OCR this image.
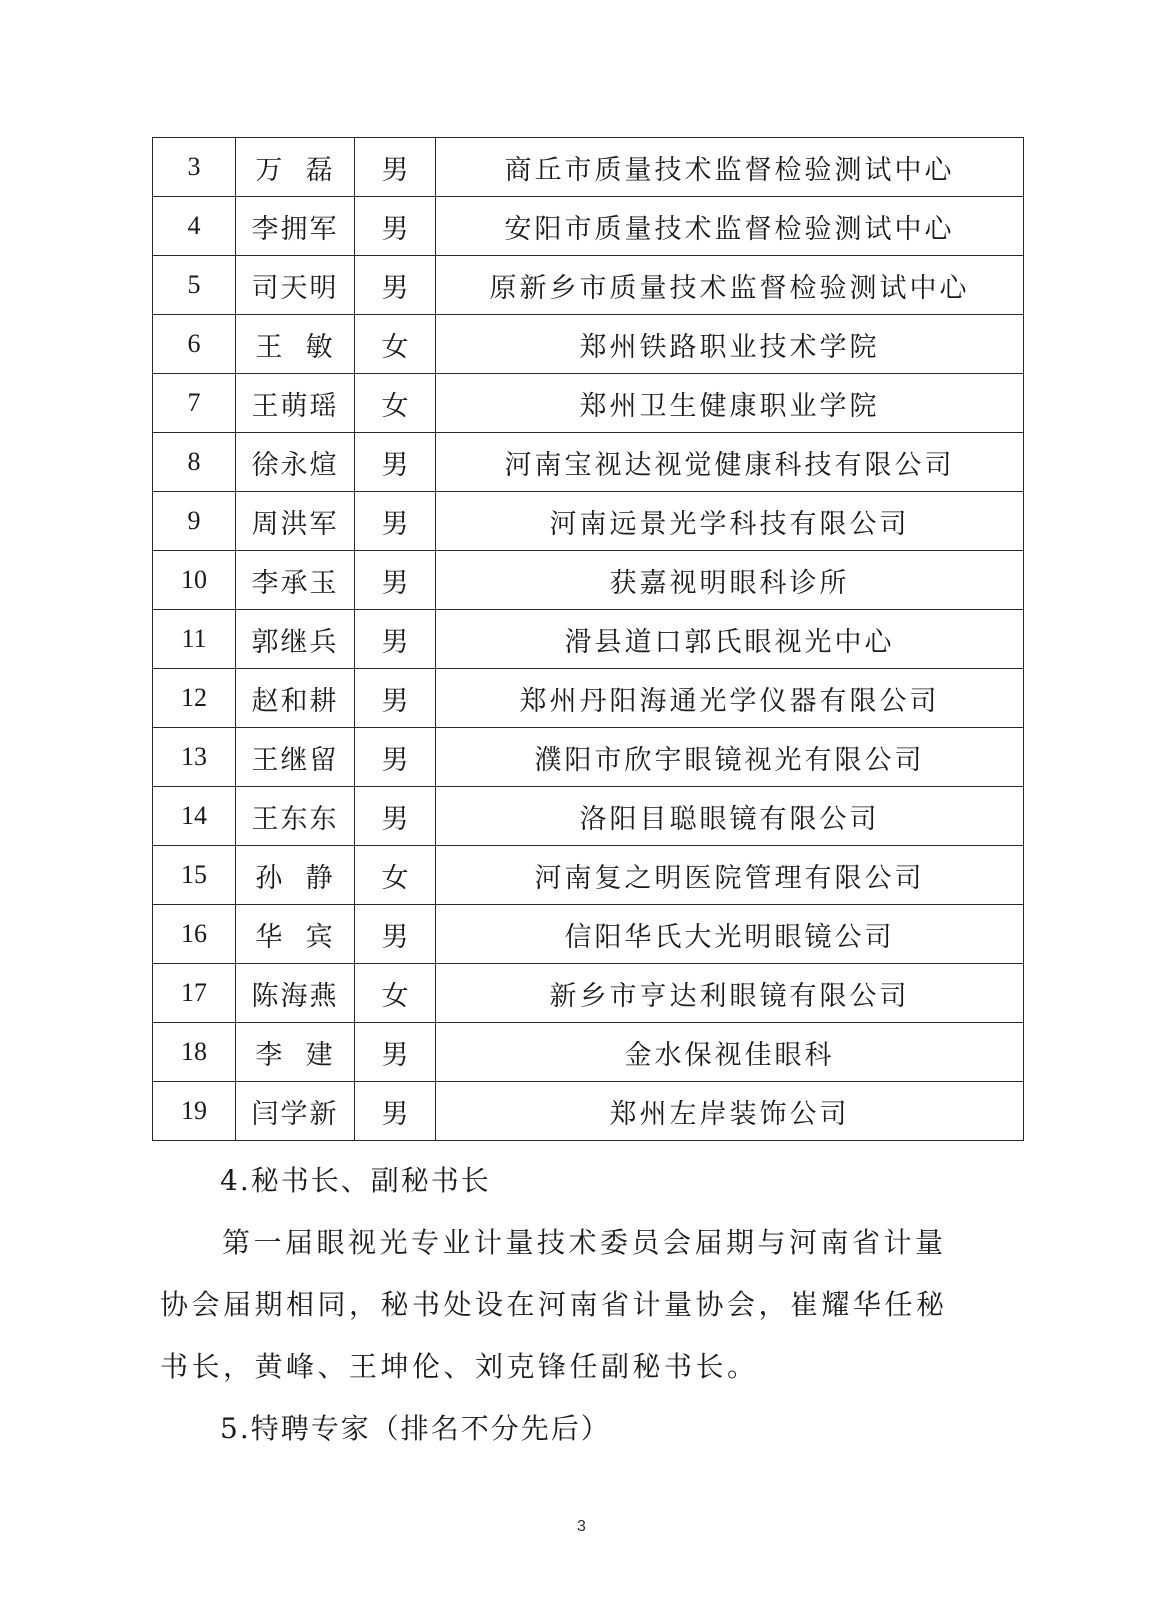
3	万  磊	男	商丘市质量技术监督检验测试中心
4	李拥军	男	安阳市质量技术监督检验测试中心
5	司天明	男	原新乡市质量技术监督检验测试中心
6	王  敏	女	郑州铁路职业技术学院
7	王萌瑶	女	郑州卫生健康职业学院
8	徐永煊	男	河南宝视达视觉健康科技有限公司
9	周洪军	男	河南远景光学科技有限公司
10	李承玉	男	获嘉视明眼科诊所
11	郭继兵	男	滑县道口郭氏眼视光中心
12	赵和耕	男	郑州丹阳海通光学仪器有限公司
13	王继留	男	濮阳市欣宇眼镜视光有限公司
14	王东东	男	洛阳目聪眼镜有限公司
15	孙  静	女	河南复之明医院管理有限公司
16	华  宾	男	信阳华氏大光明眼镜公司
17	陈海燕	女	新乡市亨达利眼镜有限公司
18	李  建	男	金水保视佳眼科
19	闫学新	男	郑州左岸装饰公司
4.秘书长、副秘书长
第一届眼视光专业计量技术委员会届期与河南省计量协会届期相同，秘书处设在河南省计量协会，崔耀华任秘书长，黄峰、王坤伦、刘克锋任副秘书长。
5.特聘专家（排名不分先后）
3
